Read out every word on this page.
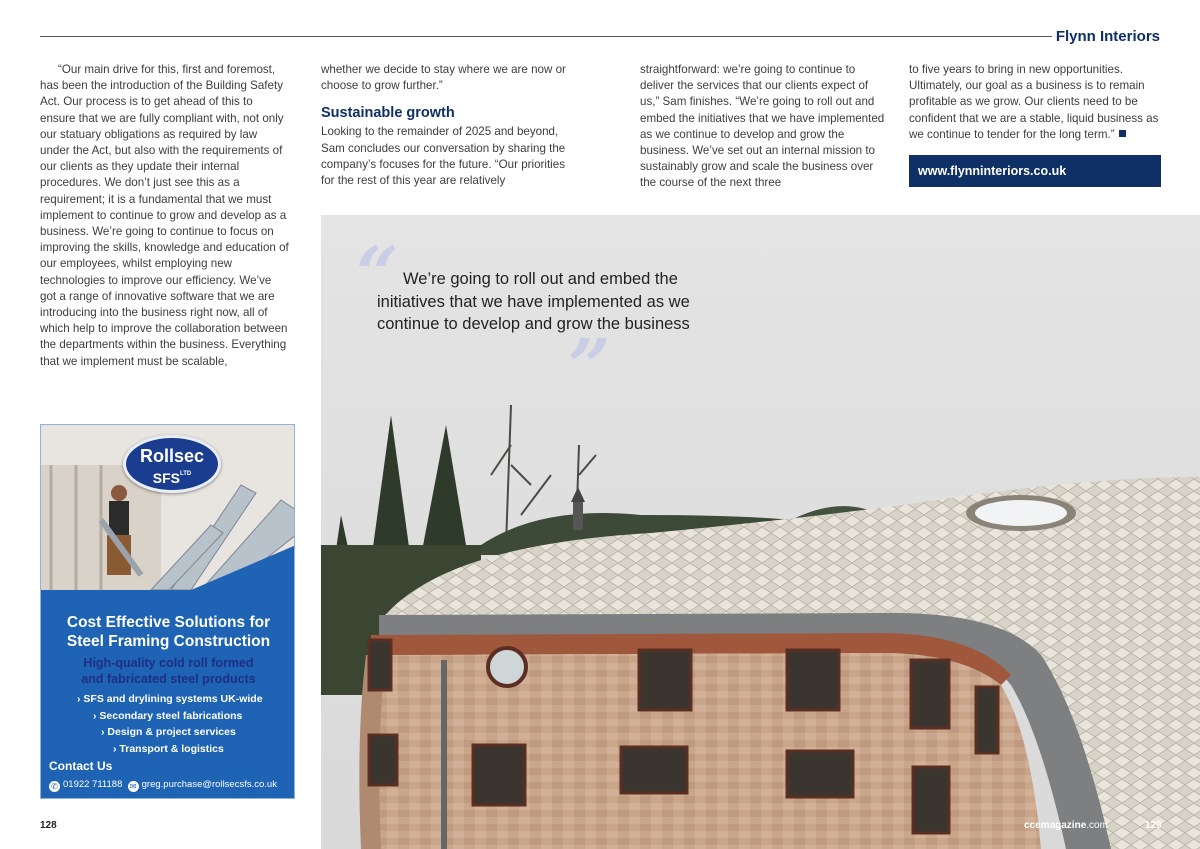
Flynn Interiors

“Our main drive for this, first and foremost, has been the introduction of the Building Safety Act. Our process is to get ahead of this to ensure that we are fully compliant with, not only our statuary obligations as required by law under the Act, but also with the requirements of our clients as they update their internal procedures. We don’t just see this as a requirement; it is a fundamental that we must implement to continue to grow and develop as a business. We’re going to continue to focus on improving the skills, knowledge and education of our employees, whilst employing new technologies to improve our efficiency. We’ve got a range of innovative software that we are introducing into the business right now, all of which help to improve the collaboration between the departments within the business. Everything that we implement must be scalable,

whether we decide to stay where we are now or choose to grow further.”

Sustainable growth

Looking to the remainder of 2025 and beyond, Sam concludes our conversation by sharing the company’s focuses for the future. “Our priorities for the rest of this year are relatively

straightforward: we’re going to continue to deliver the services that our clients expect of us,” Sam finishes. “We’re going to roll out and embed the initiatives that we have implemented as we continue to develop and grow the business. We’ve set out an internal mission to sustainably grow and scale the business over the course of the next three

to five years to bring in new opportunities. Ultimately, our goal as a business is to remain profitable as we grow. Our clients need to be confident that we are a stable, liquid business as we continue to tender for the long term.”

www.flynninteriors.co.uk
“ We’re going to roll out and embed the initiatives that we have implemented as we continue to develop and grow the business
”
Rollsec
$SFS^{LTD}$
Cost Effective Solutions for
Steel Framing Construction
High-quality cold roll formed
and fabricated steel products
› SFS and drylining systems UK-wide
› Secondary steel fabrications
› Design & project services
› Transport & logistics
Contact Us
✆ 01922 711188 ✉ greg.purchase@rollsecsfs.co.uk
128	ccemagazine.com	129
